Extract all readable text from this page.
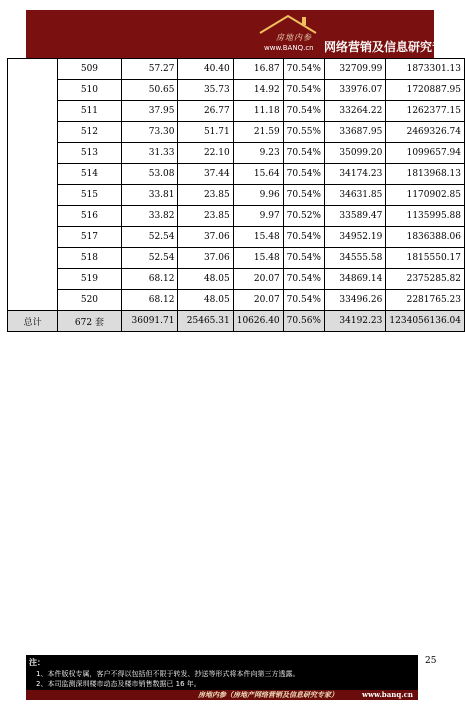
房地内参
www.BANQ.cn 网络营销及信息研究专家
	509	57.27	40.40	16.87	70.54%	32709.99	1873301.13
	510	50.65	35.73	14.92	70.54%	33976.07	1720887.95
	511	37.95	26.77	11.18	70.54%	33264.22	1262377.15
	512	73.30	51.71	21.59	70.55%	33687.95	2469326.74
	513	31.33	22.10	9.23	70.54%	35099.20	1099657.94
	514	53.08	37.44	15.64	70.54%	34174.23	1813968.13
	515	33.81	23.85	9.96	70.54%	34631.85	1170902.85
	516	33.82	23.85	9.97	70.52%	33589.47	1135995.88
	517	52.54	37.06	15.48	70.54%	34952.19	1836388.06
	518	52.54	37.06	15.48	70.54%	34555.58	1815550.17
	519	68.12	48.05	20.07	70.54%	34869.14	2375285.82
	520	68.12	48.05	20.07	70.54%	33496.26	2281765.23
总计	672 套	36091.71	25465.31	10626.40	70.56%	34192.23	1234056136.04
注：
1、本件版权专属，客户不得以包括但不限于转发、抄送等形式将本件向第三方透露。
2、本司监测深圳楼市动态及楼市销售数据已 16 年。
房地内参（房地产网络营销及信息研究专家）	www.banq.cn
25
